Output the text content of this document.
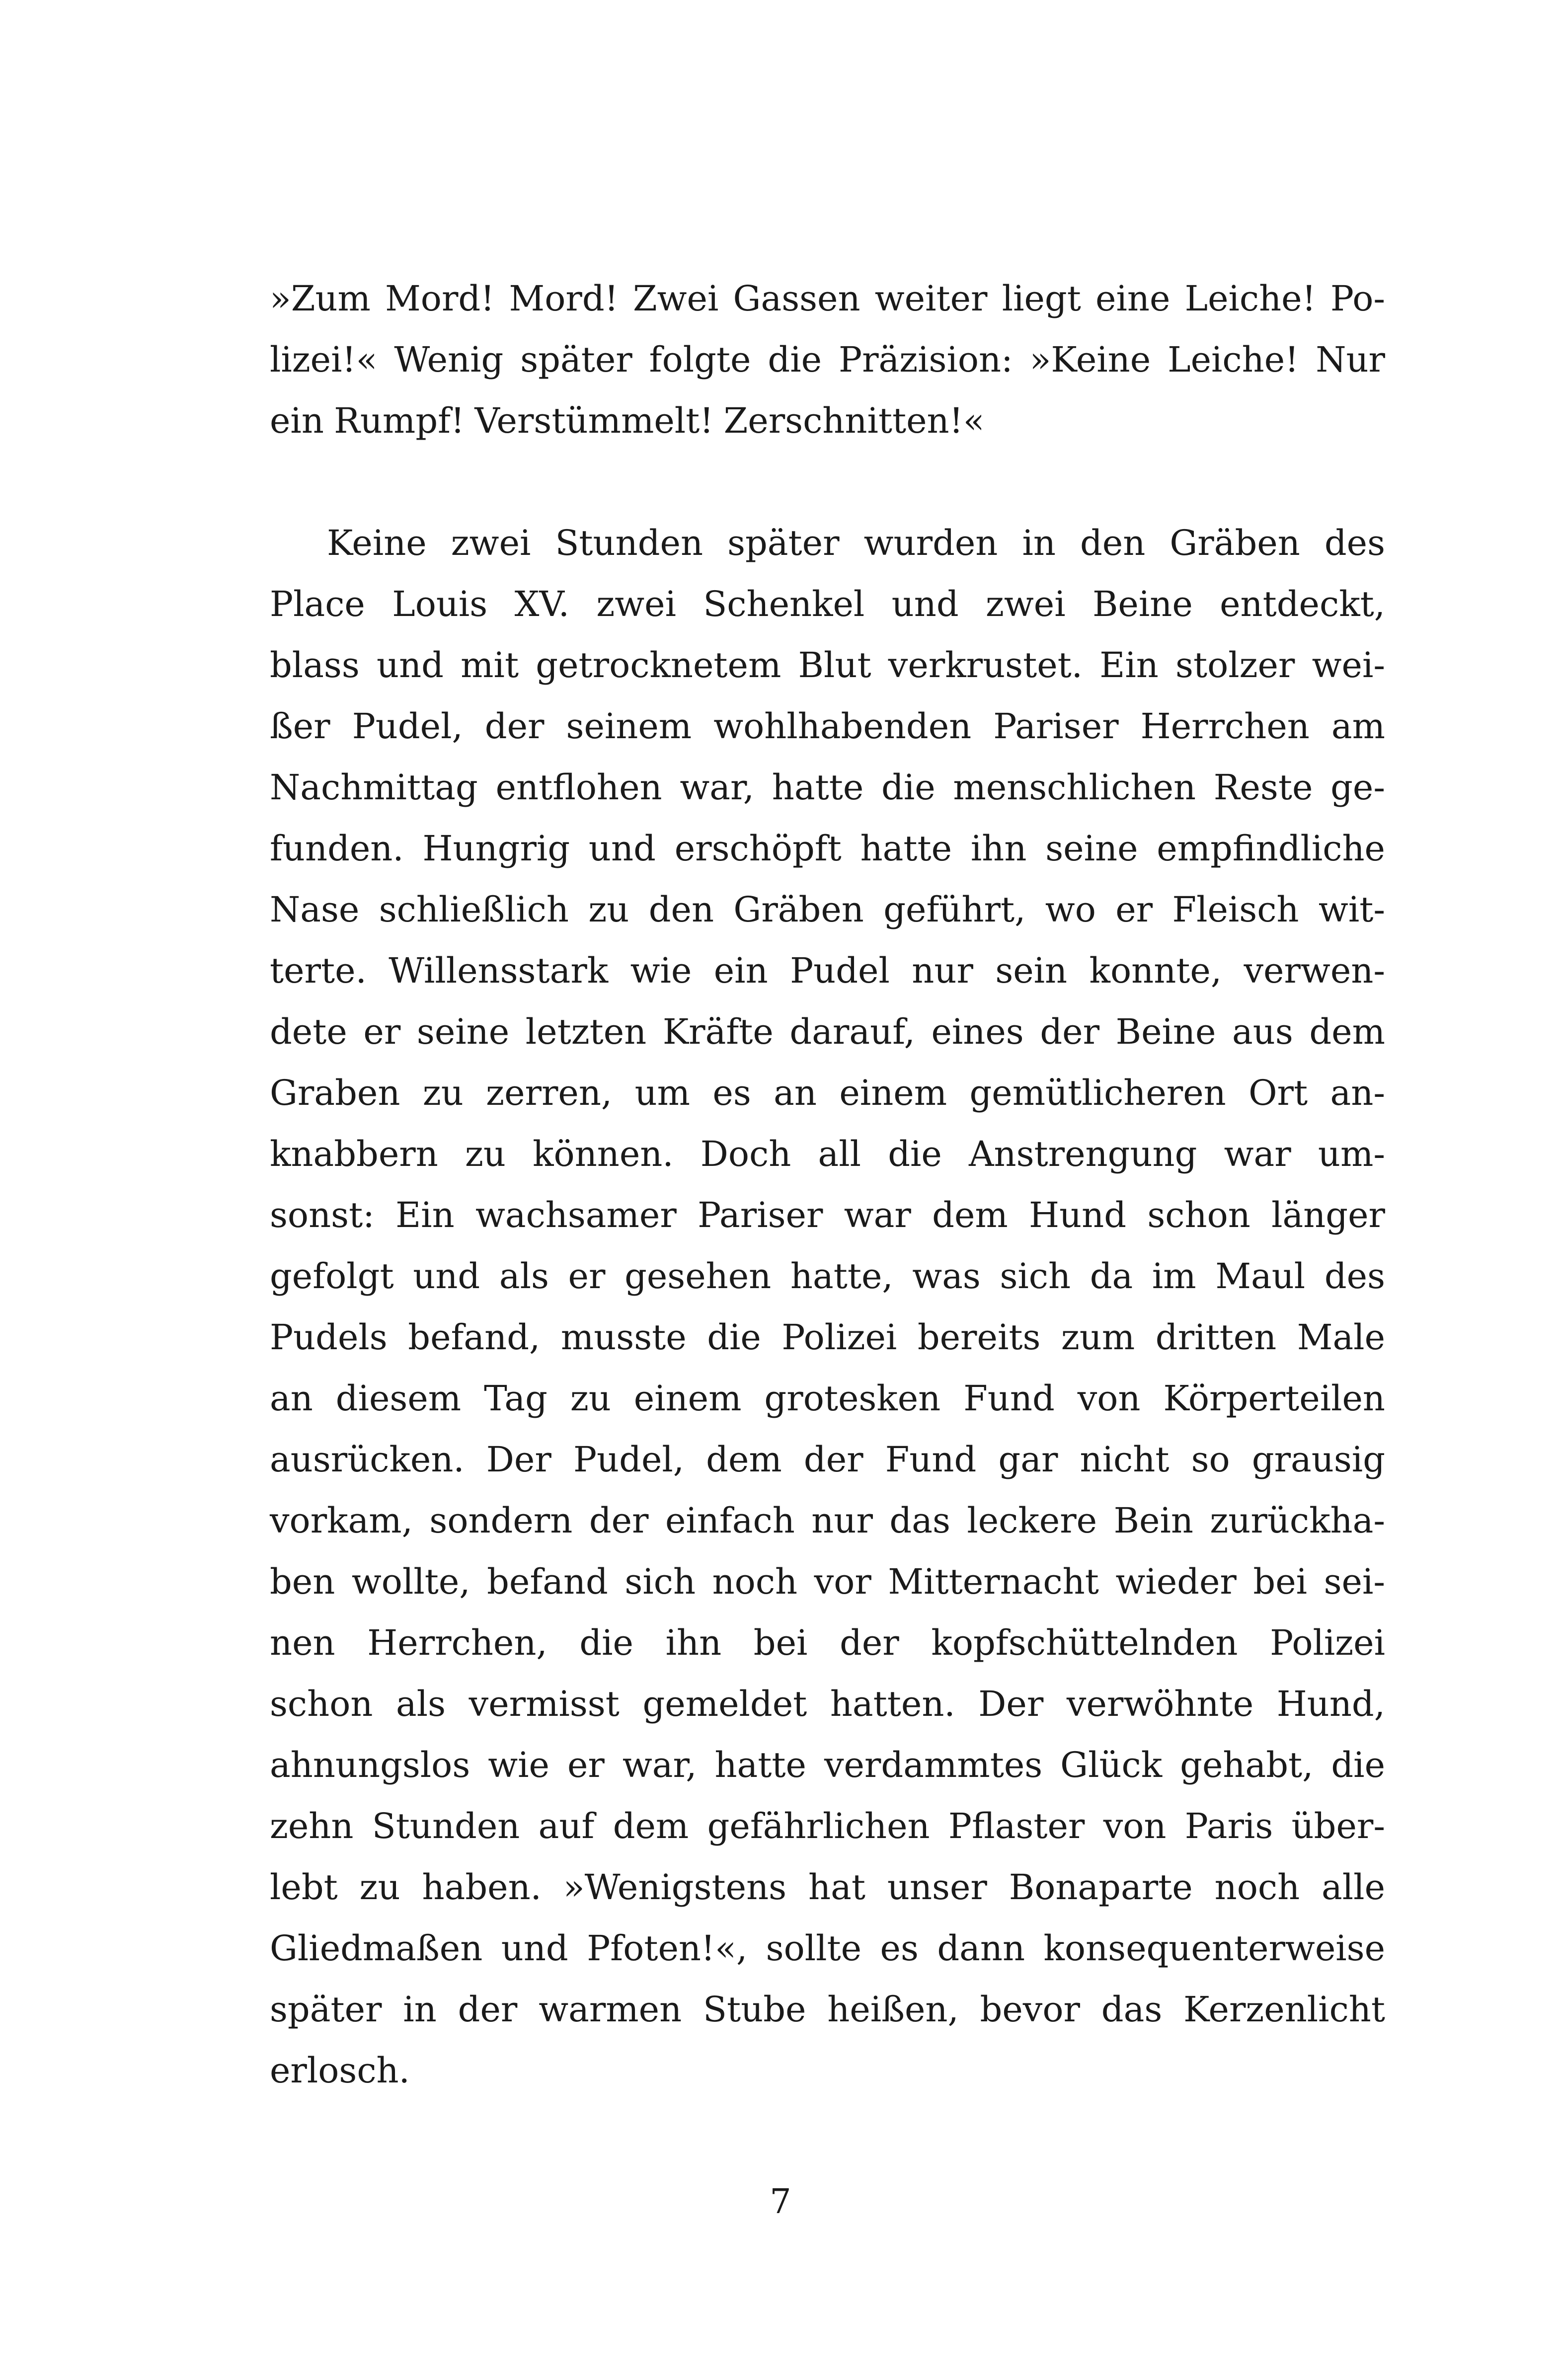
»Zum Mord! Mord! Zwei Gassen weiter liegt eine Leiche! Po-
lizei!« Wenig später folgte die Präzision: »Keine Leiche! Nur
ein Rumpf! Verstümmelt! Zerschnitten!«
Keine zwei Stunden später wurden in den Gräben des
Place Louis XV. zwei Schenkel und zwei Beine entdeckt,
blass und mit getrocknetem Blut verkrustet. Ein stolzer wei-
ßer Pudel, der seinem wohlhabenden Pariser Herrchen am
Nachmittag entflohen war, hatte die menschlichen Reste ge-
funden. Hungrig und erschöpft hatte ihn seine empfindliche
Nase schließlich zu den Gräben geführt, wo er Fleisch wit-
terte. Willensstark wie ein Pudel nur sein konnte, verwen-
dete er seine letzten Kräfte darauf, eines der Beine aus dem
Graben zu zerren, um es an einem gemütlicheren Ort an-
knabbern zu können. Doch all die Anstrengung war um-
sonst: Ein wachsamer Pariser war dem Hund schon länger
gefolgt und als er gesehen hatte, was sich da im Maul des
Pudels befand, musste die Polizei bereits zum dritten Male
an diesem Tag zu einem grotesken Fund von Körperteilen
ausrücken. Der Pudel, dem der Fund gar nicht so grausig
vorkam, sondern der einfach nur das leckere Bein zurückha-
ben wollte, befand sich noch vor Mitternacht wieder bei sei-
nen Herrchen, die ihn bei der kopfschüttelnden Polizei
schon als vermisst gemeldet hatten. Der verwöhnte Hund,
ahnungslos wie er war, hatte verdammtes Glück gehabt, die
zehn Stunden auf dem gefährlichen Pflaster von Paris über-
lebt zu haben. »Wenigstens hat unser Bonaparte noch alle
Gliedmaßen und Pfoten!«, sollte es dann konsequenterweise
später in der warmen Stube heißen, bevor das Kerzenlicht
erlosch.
7
